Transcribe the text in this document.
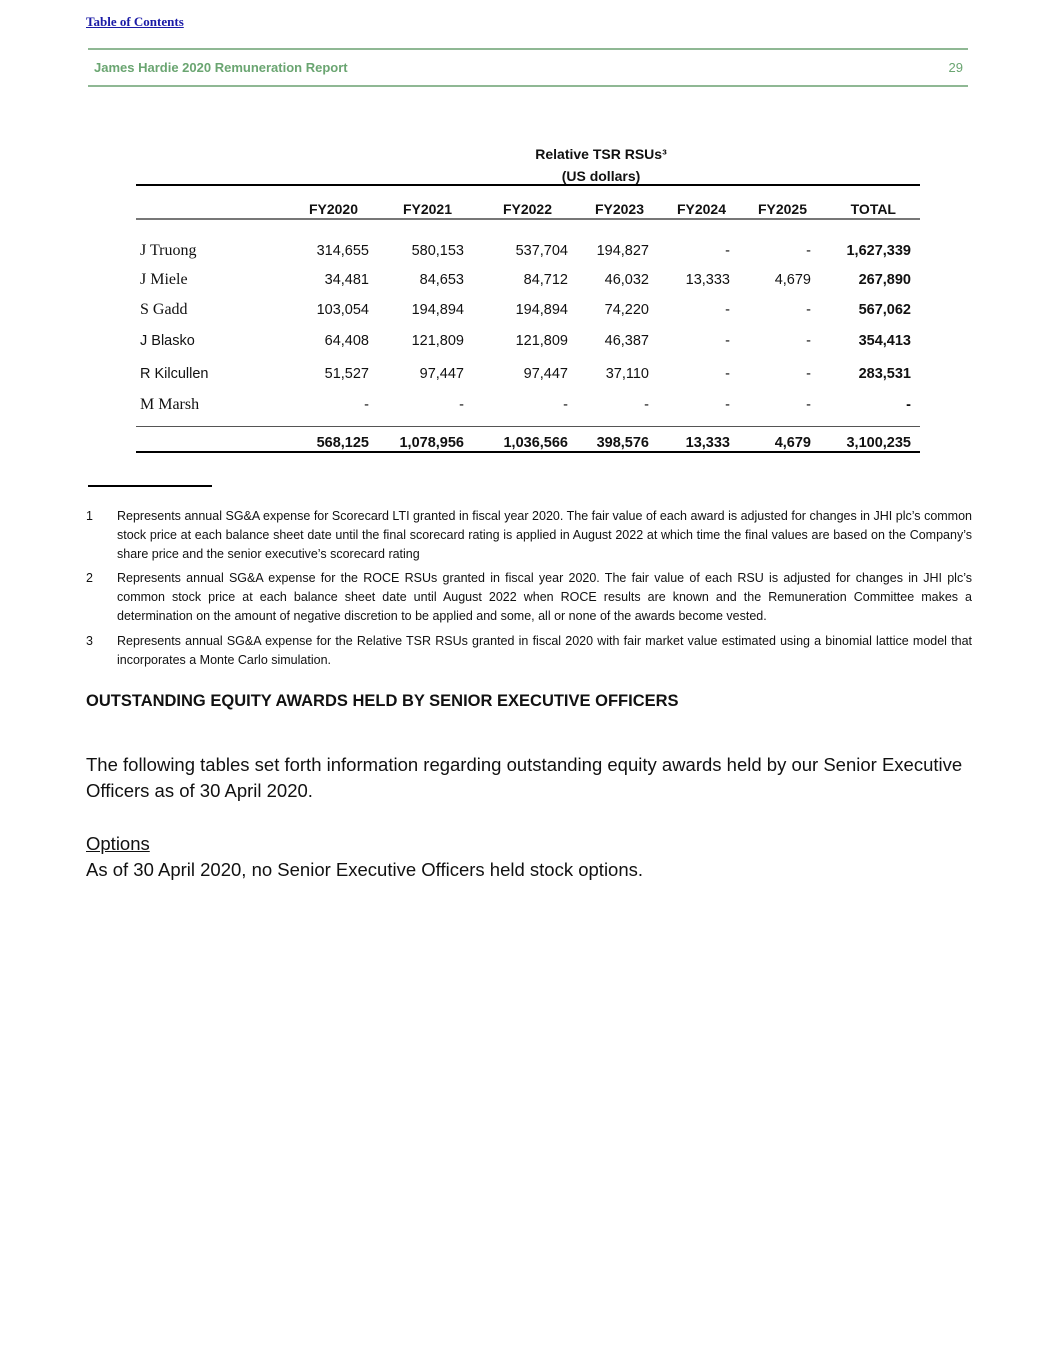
Table of Contents
James Hardie 2020 Remuneration Report	29
Relative TSR RSUs³
(US dollars)
FY2020	FY2021	FY2022	FY2023 FY2024 FY2025	TOTAL
J Truong	314,655	580,153	537,704 194,827	-	- 1,627,339
J Miele	34,481	84,653	84,712	46,032	13,333	4,679	267,890
S Gadd	103,054	194,894	194,894	74,220	-	-	567,062
J Blasko	64,408	121,809	121,809	46,387	-	-	354,413
R Kilcullen	51,527	97,447	97,447	37,110	-	-	283,531
M Marsh	-	-	-	-	-	-	-
568,125 1,078,956	1,036,566 398,576	13,333	4,679 3,100,235
1 Represents annual SG&A expense for Scorecard LTI granted in fiscal year 2020. The fair value of each award is adjusted for changes in JHI plc’s common stock price at each balance sheet date until the final scorecard rating is applied in August 2022 at which time the final values are based on the Company’s share price and the senior executive’s scorecard rating
2 Represents annual SG&A expense for the ROCE RSUs granted in fiscal year 2020. The fair value of each RSU is adjusted for changes in JHI plc’s common stock price at each balance sheet date until August 2022 when ROCE results are known and the Remuneration Committee makes a determination on the amount of negative discretion to be applied and some, all or none of the awards become vested.
3 Represents annual SG&A expense for the Relative TSR RSUs granted in fiscal 2020 with fair market value estimated using a binomial lattice model that incorporates a Monte Carlo simulation.
OUTSTANDING EQUITY AWARDS HELD BY SENIOR EXECUTIVE OFFICERS
The following tables set forth information regarding outstanding equity awards held by our Senior Executive Officers as of 30 April 2020.
Options
As of 30 April 2020, no Senior Executive Officers held stock options.
